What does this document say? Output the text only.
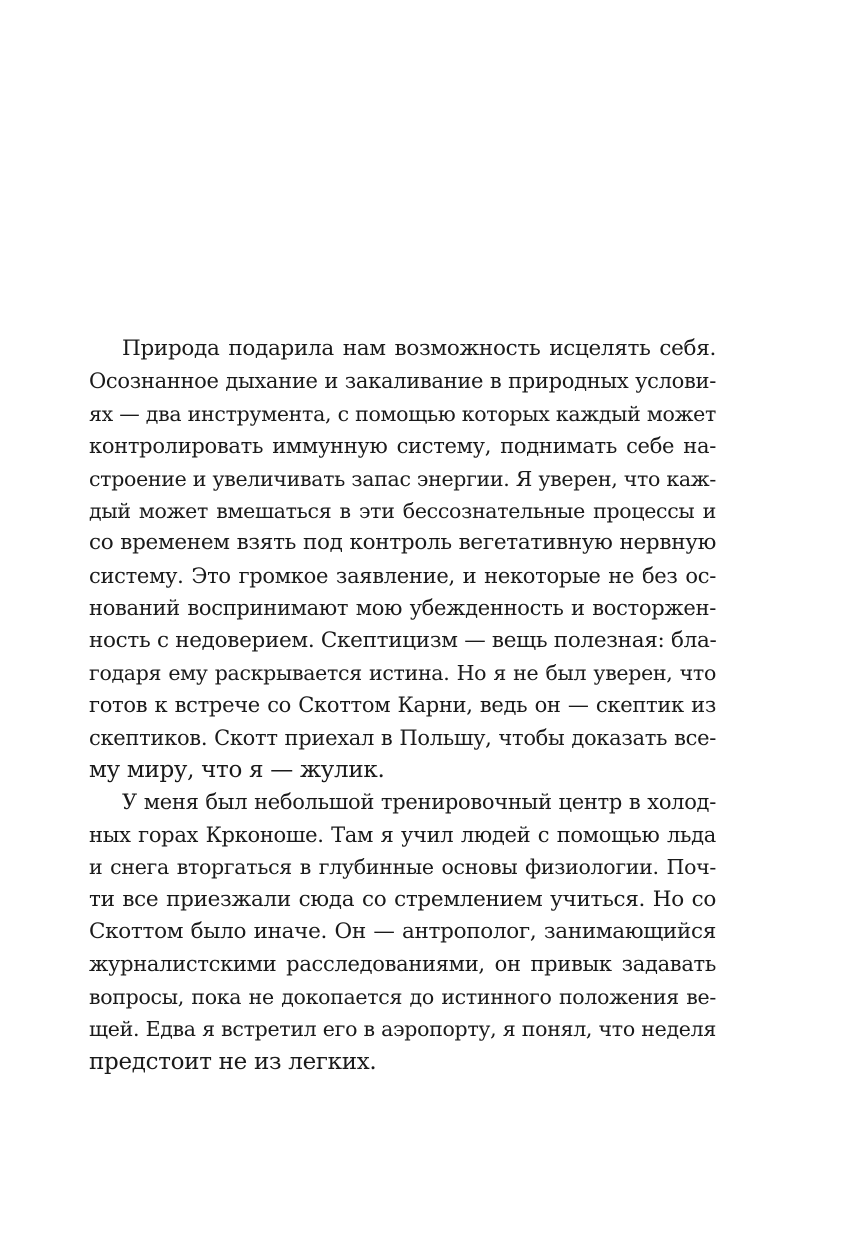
Природа подарила нам возможность исцелять себя.
Осознанное дыхание и закаливание в природных услови-
ях — два инструмента, с помощью которых каждый может
контролировать иммунную систему, поднимать себе на-
строение и увеличивать запас энергии. Я уверен, что каж-
дый может вмешаться в эти бессознательные процессы и
со временем взять под контроль вегетативную нервную
систему. Это громкое заявление, и некоторые не без ос-
нований воспринимают мою убежденность и восторжен-
ность с недоверием. Скептицизм — вещь полезная: бла-
годаря ему раскрывается истина. Но я не был уверен, что
готов к встрече со Скоттом Карни, ведь он — скептик из
скептиков. Скотт приехал в Польшу, чтобы доказать все-
му миру, что я — жулик.

У меня был небольшой тренировочный центр в холод-
ных горах Крконоше. Там я учил людей с помощью льда
и снега вторгаться в глубинные основы физиологии. Поч-
ти все приезжали сюда со стремлением учиться. Но со
Скоттом было иначе. Он — антрополог, занимающийся
журналистскими расследованиями, он привык задавать
вопросы, пока не докопается до истинного положения ве-
щей. Едва я встретил его в аэропорту, я понял, что неделя
предстоит не из легких.
